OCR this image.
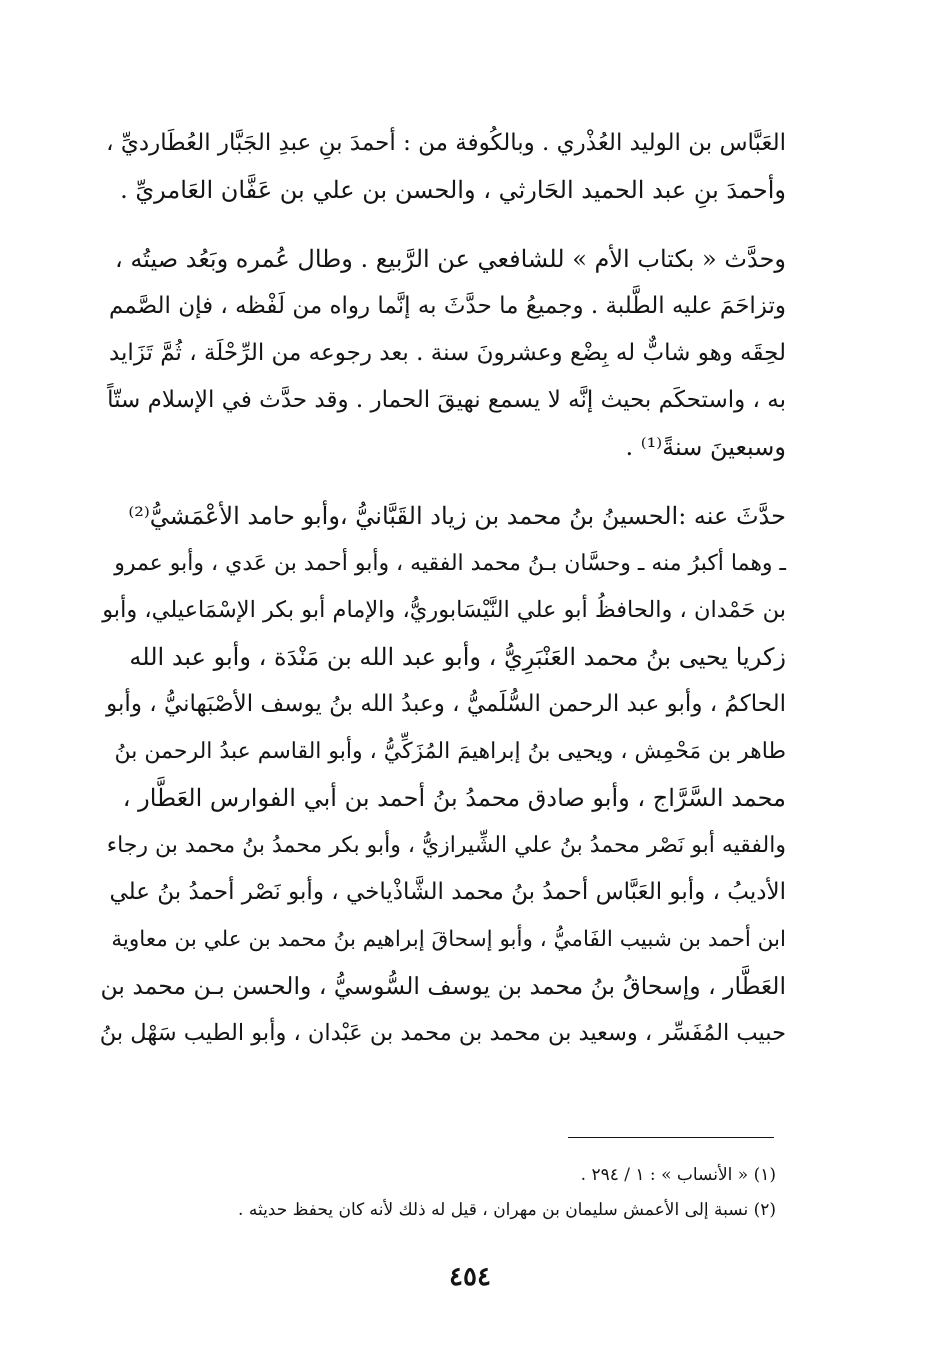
العَبَّاس بن الوليد العُذْري . وبالكُوفة من : أحمدَ بنِ عبدِ الجَبَّار العُطَارديِّ ،
وأحمدَ بنِ عبد الحميد الحَارثي ، والحسن بن علي بن عَفَّان العَامريِّ .

وحدَّث « بكتاب الأم » للشافعي عن الرَّبيع . وطال عُمره وبَعُد صيتُه ،
وتزاحَمَ عليه الطَّلبة . وجميعُ ما حدَّثَ به إنَّما رواه من لَفْظه ، فإن الصَّمم
لحِقَه وهو شابٌّ له بِضْع وعشرونَ سنة . بعد رجوعه من الرِّحْلَة ، ثُمَّ تَزَايد
به ، واستحكَم بحيث إنَّه لا يسمع نهيقَ الحمار . وقد حدَّث في الإسلام ستّاً
وسبعينَ سنةً⁽¹⁾ .

حدَّثَ عنه :الحسينُ بنُ محمد بن زياد القَبَّانيُّ ،وأبو حامد الأعْمَشيُّ⁽²⁾
ـ وهما أكبرُ منه ـ وحسَّان بـنُ محمد الفقيه ، وأبو أحمد بن عَدي ، وأبو عمرو
بن حَمْدان ، والحافظُ أبو علي النَّيْسَابوريُّ، والإمام أبو بكر الإسْمَاعيلي، وأبو
زكريا يحيى بنُ محمد العَنْبَرِيُّ ، وأبو عبد الله بن مَنْدَة ، وأبو عبد الله
الحاكمُ ، وأبو عبد الرحمن السُّلَميُّ ، وعبدُ الله بنُ يوسف الأصْبَهانيُّ ، وأبو
طاهر بن مَحْمِش ، ويحيى بنُ إبراهيمَ المُزَكِّيُّ ، وأبو القاسم عبدُ الرحمن بنُ
محمد السَّرَّاج ، وأبو صادق محمدُ بنُ أحمد بن أبي الفوارس العَطَّار ،
والفقيه أبو نَصْر محمدُ بنُ علي الشِّيرازيُّ ، وأبو بكر محمدُ بنُ محمد بن رجاء
الأديبُ ، وأبو العَبَّاس أحمدُ بنُ محمد الشَّاذْياخي ، وأبو نَصْر أحمدُ بنُ علي
ابن أحمد بن شبيب الفَاميُّ ، وأبو إسحاقَ إبراهيم بنُ محمد بن علي بن معاوية
العَطَّار ، وإسحاقُ بنُ محمد بن يوسف السُّوسيُّ ، والحسن بـن محمد بن
حبيب المُفَسِّر ، وسعيد بن محمد بن محمد بن عَبْدان ، وأبو الطيب سَهْل بنُ

(١) « الأنساب » : ١ / ٢٩٤ .
(٢) نسبة إلى الأعمش سليمان بن مهران ، قيل له ذلك لأنه كان يحفظ حديثه .
٤٥٤
